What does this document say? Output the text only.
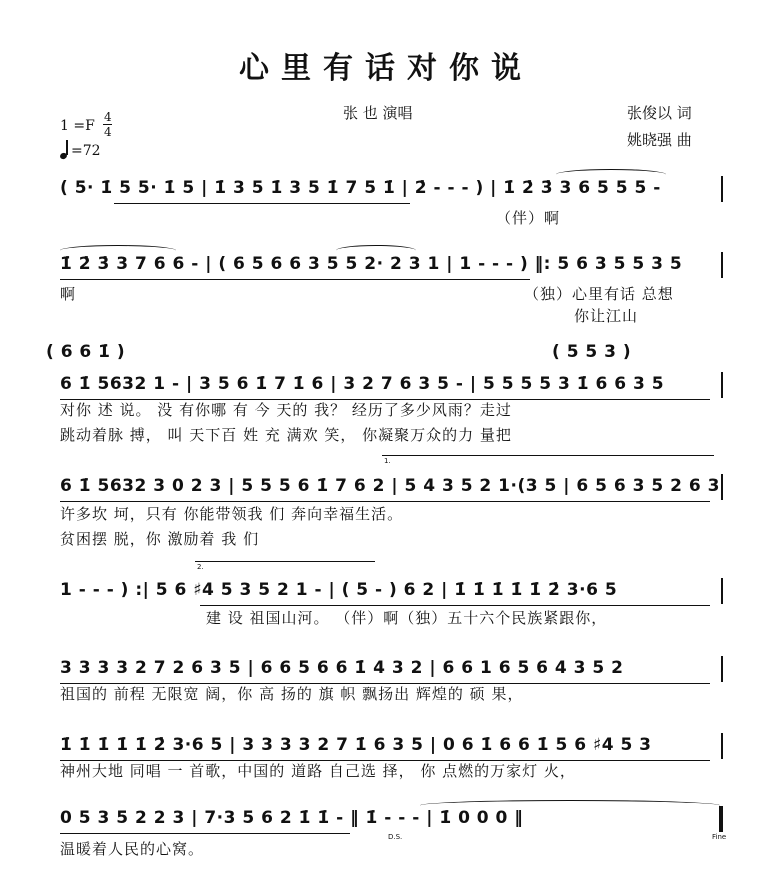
心里有话对你说
张 也 演唱	张俊以 词
姚晓强 曲
1 =F
4
4
=72
( 5· 1̇ 5 5· 1̇ 5 | 1̇ 3 5 1̇ 3 5 1̇ 7 5 1̇ | 2̇ - - - ) | 1̇ 2̇ 3̇ 3 6 5 5 5 -
（伴）啊
1̇ 2̇ 3̇ 3 7 6 6 - | ( 6 5 6 6 3 5 5 2· 2 3 1 | 1 - - - ) ‖: 5 6 3 5 5 3 5
啊	（独）心里有话 总想
你让江山
( 6 6 1̇ )	( 5 5 3 )
6 1̇ 5632 1 - | 3 5 6 1̇ 7 1̇ 6 | 3 2 7 6 3 5 - | 5 5 5 5 3 1̇ 6 6 3 5
对你 述 说。 没 有你哪 有 今 天的 我？ 经历了多少风雨？走过
跳动着脉 搏， 叫 天下百 姓 充 满欢 笑， 你凝聚万众的力 量把
1.
6 1̇ 5632 3 0 2 3 | 5 5 5 6 1̇ 7 6 2 | 5 4 3 5 2 1·(3 5 | 6 5 6 3 5 2 6 3
许多坎 坷，只有 你能带领我 们 奔向幸福生活。
贫困摆 脱，你 激励着 我 们
2.
1 - - - ) :| 5 6 ♯4 5 3 5 2 1 - | ( 5 - ) 6 2 | 1̇ 1̇ 1̇ 1̇ 1̇ 2̇ 3·6 5
建 设 祖国山河。 （伴）啊（独）五十六个民族紧跟你，
3 3 3 3 2 7 2 6 3 5 | 6 6 5 6 6 1̇ 4 3 2 | 6 6 1 6 5 6 4 3 5 2
祖国的 前程 无限宽 阔，你 高 扬的 旗 帜 飘扬出 辉煌的 硕 果，
1̇ 1̇ 1̇ 1̇ 1̇ 2̇ 3·6 5 | 3 3 3 3 2 7 1̇ 6 3 5 | 0 6 1̇ 6 6 1̇ 5 6 ♯4 5 3
神州大地 同唱 一 首歌，中国的 道路 自己选 择， 你 点燃的万家灯 火，
0 5 3 5 2 2 3 | 7·3 5 6 2 1̇ 1̇ - ‖ 1̇ - - - | 1̇ 0 0 0 ‖
D.S.	Fine
温暖着人民的心窝。
